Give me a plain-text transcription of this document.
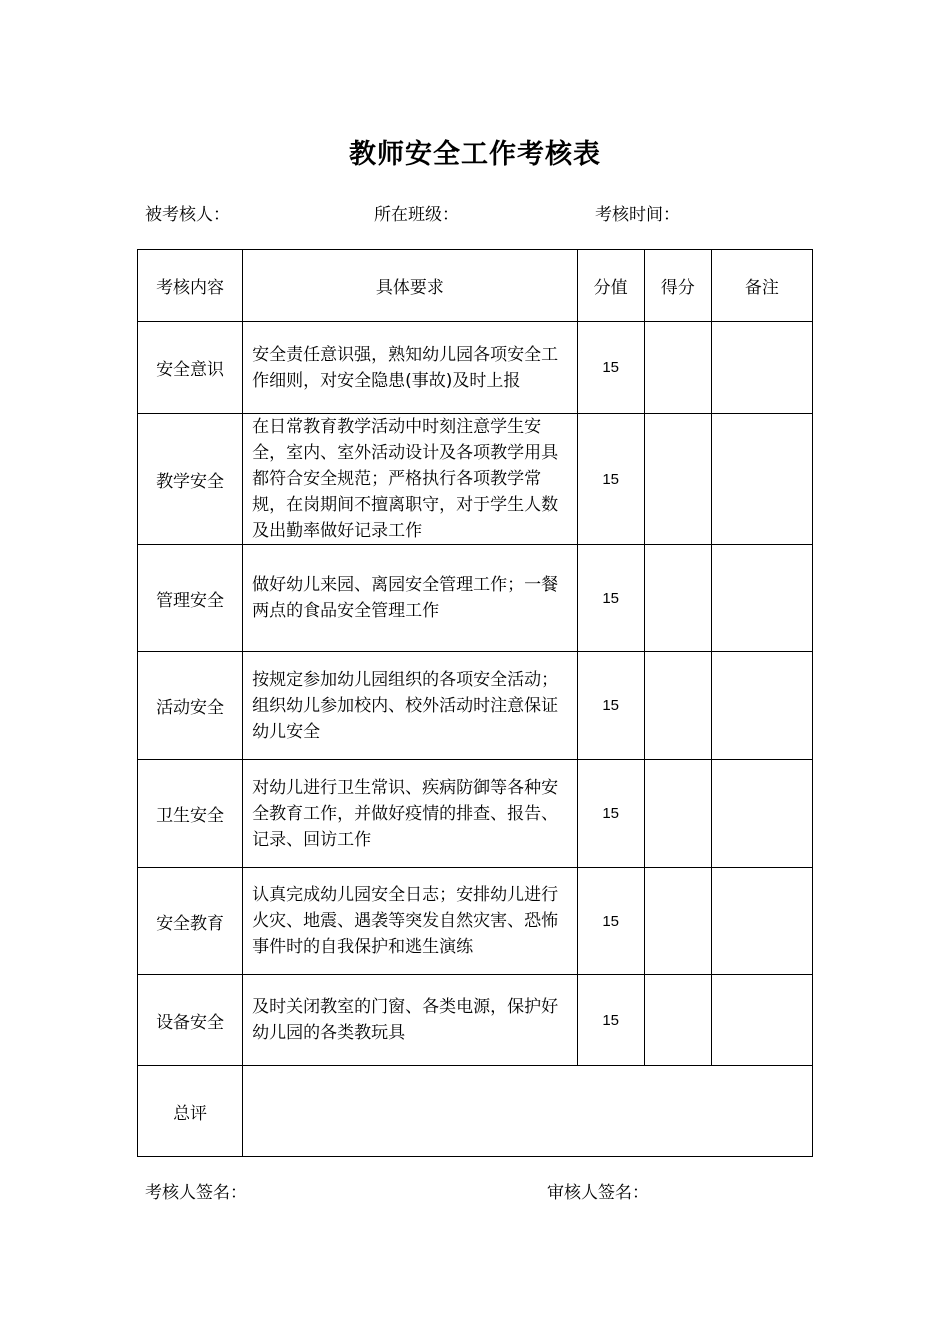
教师安全工作考核表
被考核人：	所在班级：	考核时间：
考核内容	具体要求	分值	得分	备注
安全意识	安全责任意识强，熟知幼儿园各项安全工作细则，对安全隐患(事故)及时上报	15		
教学安全	在日常教育教学活动中时刻注意学生安全，室内、室外活动设计及各项教学用具都符合安全规范；严格执行各项教学常规，在岗期间不擅离职守，对于学生人数及出勤率做好记录工作	15		
管理安全	做好幼儿来园、离园安全管理工作；一餐两点的食品安全管理工作	15		
活动安全	按规定参加幼儿园组织的各项安全活动；组织幼儿参加校内、校外活动时注意保证幼儿安全	15		
卫生安全	对幼儿进行卫生常识、疾病防御等各种安全教育工作，并做好疫情的排查、报告、记录、回访工作	15		
安全教育	认真完成幼儿园安全日志；安排幼儿进行火灾、地震、遇袭等突发自然灾害、恐怖事件时的自我保护和逃生演练	15		
设备安全	及时关闭教室的门窗、各类电源，保护好幼儿园的各类教玩具	15		
总评				
考核人签名：	审核人签名：
